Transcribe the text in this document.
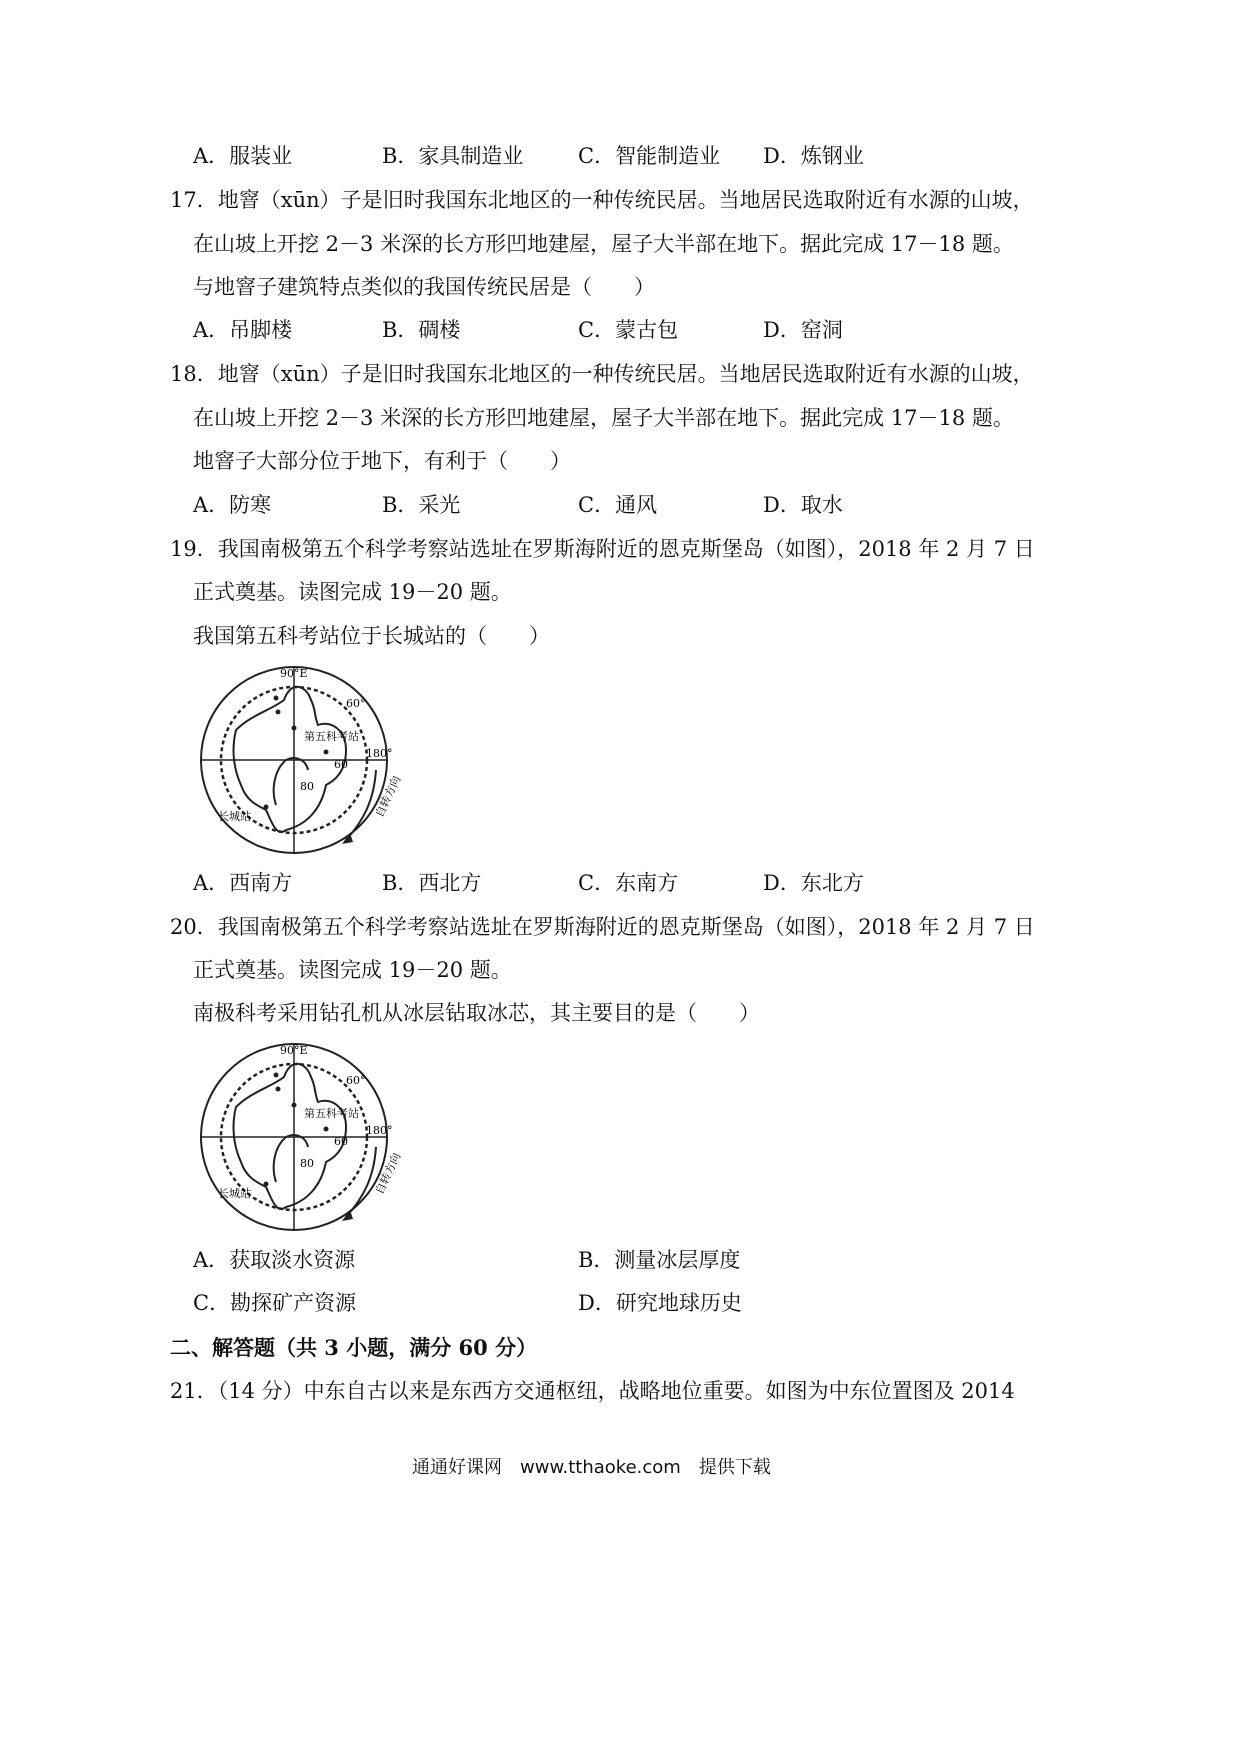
A．服装业	B．家具制造业	C．智能制造业 D．炼钢业
17．地窨（xūn）子是旧时我国东北地区的一种传统民居。当地居民选取附近有水源的山坡，
在山坡上开挖 2－3 米深的长方形凹地建屋，屋子大半部在地下。据此完成 17－18 题。
与地窨子建筑特点类似的我国传统民居是（　　）
A．吊脚楼	B．碉楼	C．蒙古包	D．窑洞
18．地窨（xūn）子是旧时我国东北地区的一种传统民居。当地居民选取附近有水源的山坡，
在山坡上开挖 2－3 米深的长方形凹地建屋，屋子大半部在地下。据此完成 17－18 题。
地窨子大部分位于地下，有利于（　　）
A．防寒	B．采光	C．通风	D．取水
19．我国南极第五个科学考察站选址在罗斯海附近的恩克斯堡岛（如图），2018 年 2 月 7 日
正式奠基。读图完成 19－20 题。
我国第五科考站位于长城站的（　　）
90°E
60°
180°
80
第五科考站
60
长城站	自转方向
A．西南方	B．西北方	C．东南方	D．东北方
20．我国南极第五个科学考察站选址在罗斯海附近的恩克斯堡岛（如图），2018 年 2 月 7 日
正式奠基。读图完成 19－20 题。
南极科考采用钻孔机从冰层钻取冰芯，其主要目的是（　　）
90°E
60°
180°
80
第五科考站
60
长城站	自转方向
A．获取淡水资源	B．测量冰层厚度
C．勘探矿产资源	D．研究地球历史
二、解答题（共 3 小题，满分 60 分）
21．（14 分）中东自古以来是东西方交通枢纽，战略地位重要。如图为中东位置图及 2014
通通好课网　www.tthaoke.com　提供下载
